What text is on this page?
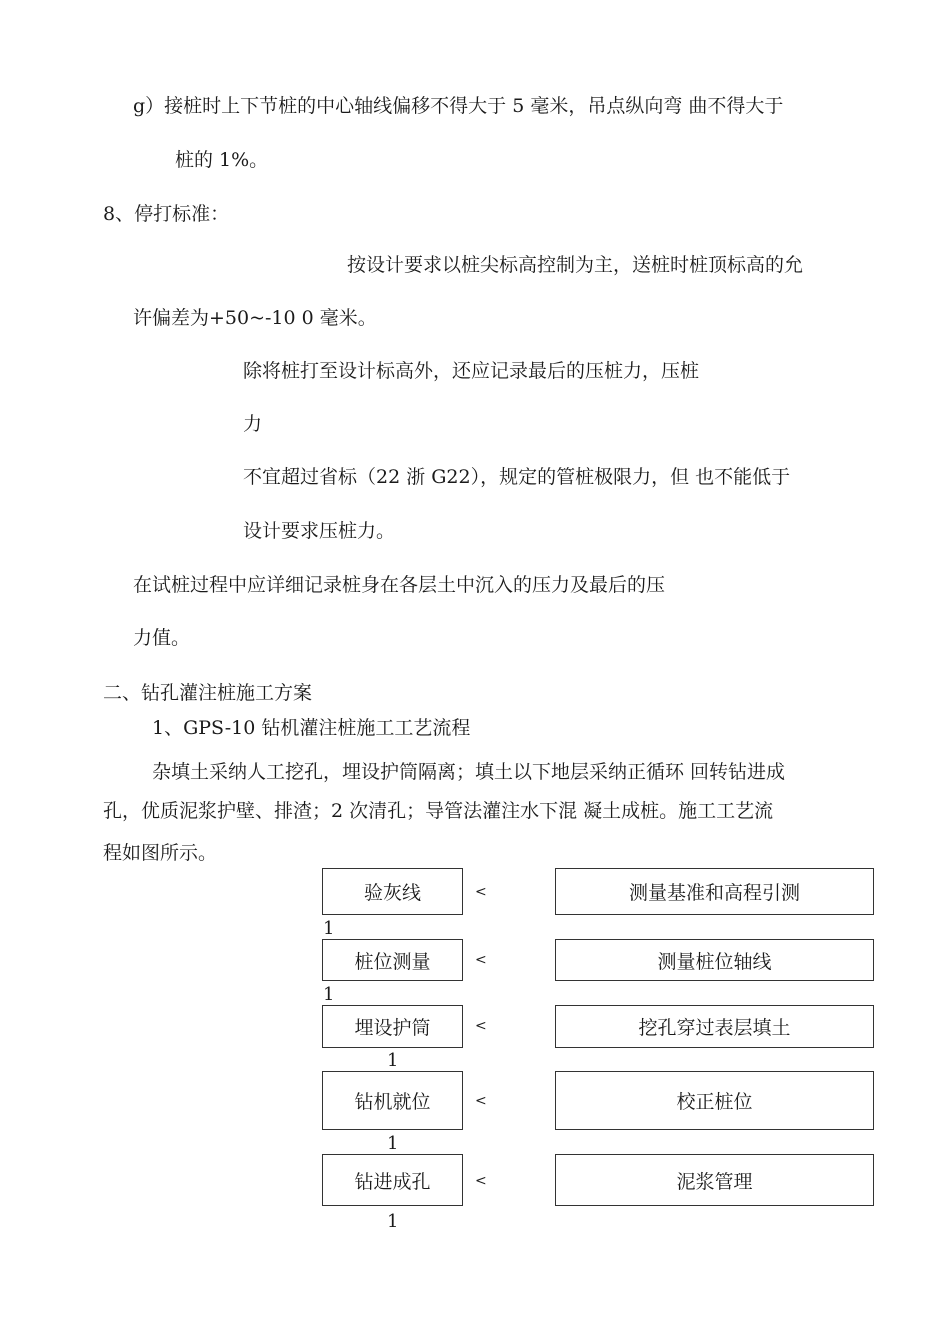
g）接桩时上下节桩的中心轴线偏移不得大于 5 毫米，吊点纵向弯 曲不得大于
桩的 1%。
8、停打标准：
按设计要求以桩尖标高控制为主，送桩时桩顶标高的允
许偏差为+50~-10 0 毫米。
除将桩打至设计标高外，还应记录最后的压桩力，压桩
力
不宜超过省标（22 浙 G22），规定的管桩极限力，但 也不能低于
设计要求压桩力。
在试桩过程中应详细记录桩身在各层土中沉入的压力及最后的压
力值。
二、钻孔灌注桩施工方案
1、GPS-10 钻机灌注桩施工工艺流程
杂填土采纳人工挖孔，埋设护筒隔离；填土以下地层采纳正循环 回转钻进成
孔，优质泥浆护壁、排渣；2 次清孔；导管法灌注水下混 凝土成桩。施工工艺流
程如图所示。
验灰线	<	测量基准和高程引测
1
桩位测量	<	测量桩位轴线
1
埋设护筒	<	挖孔穿过表层填土
1
钻机就位	<	校正桩位
1
钻进成孔	<	泥浆管理
1
